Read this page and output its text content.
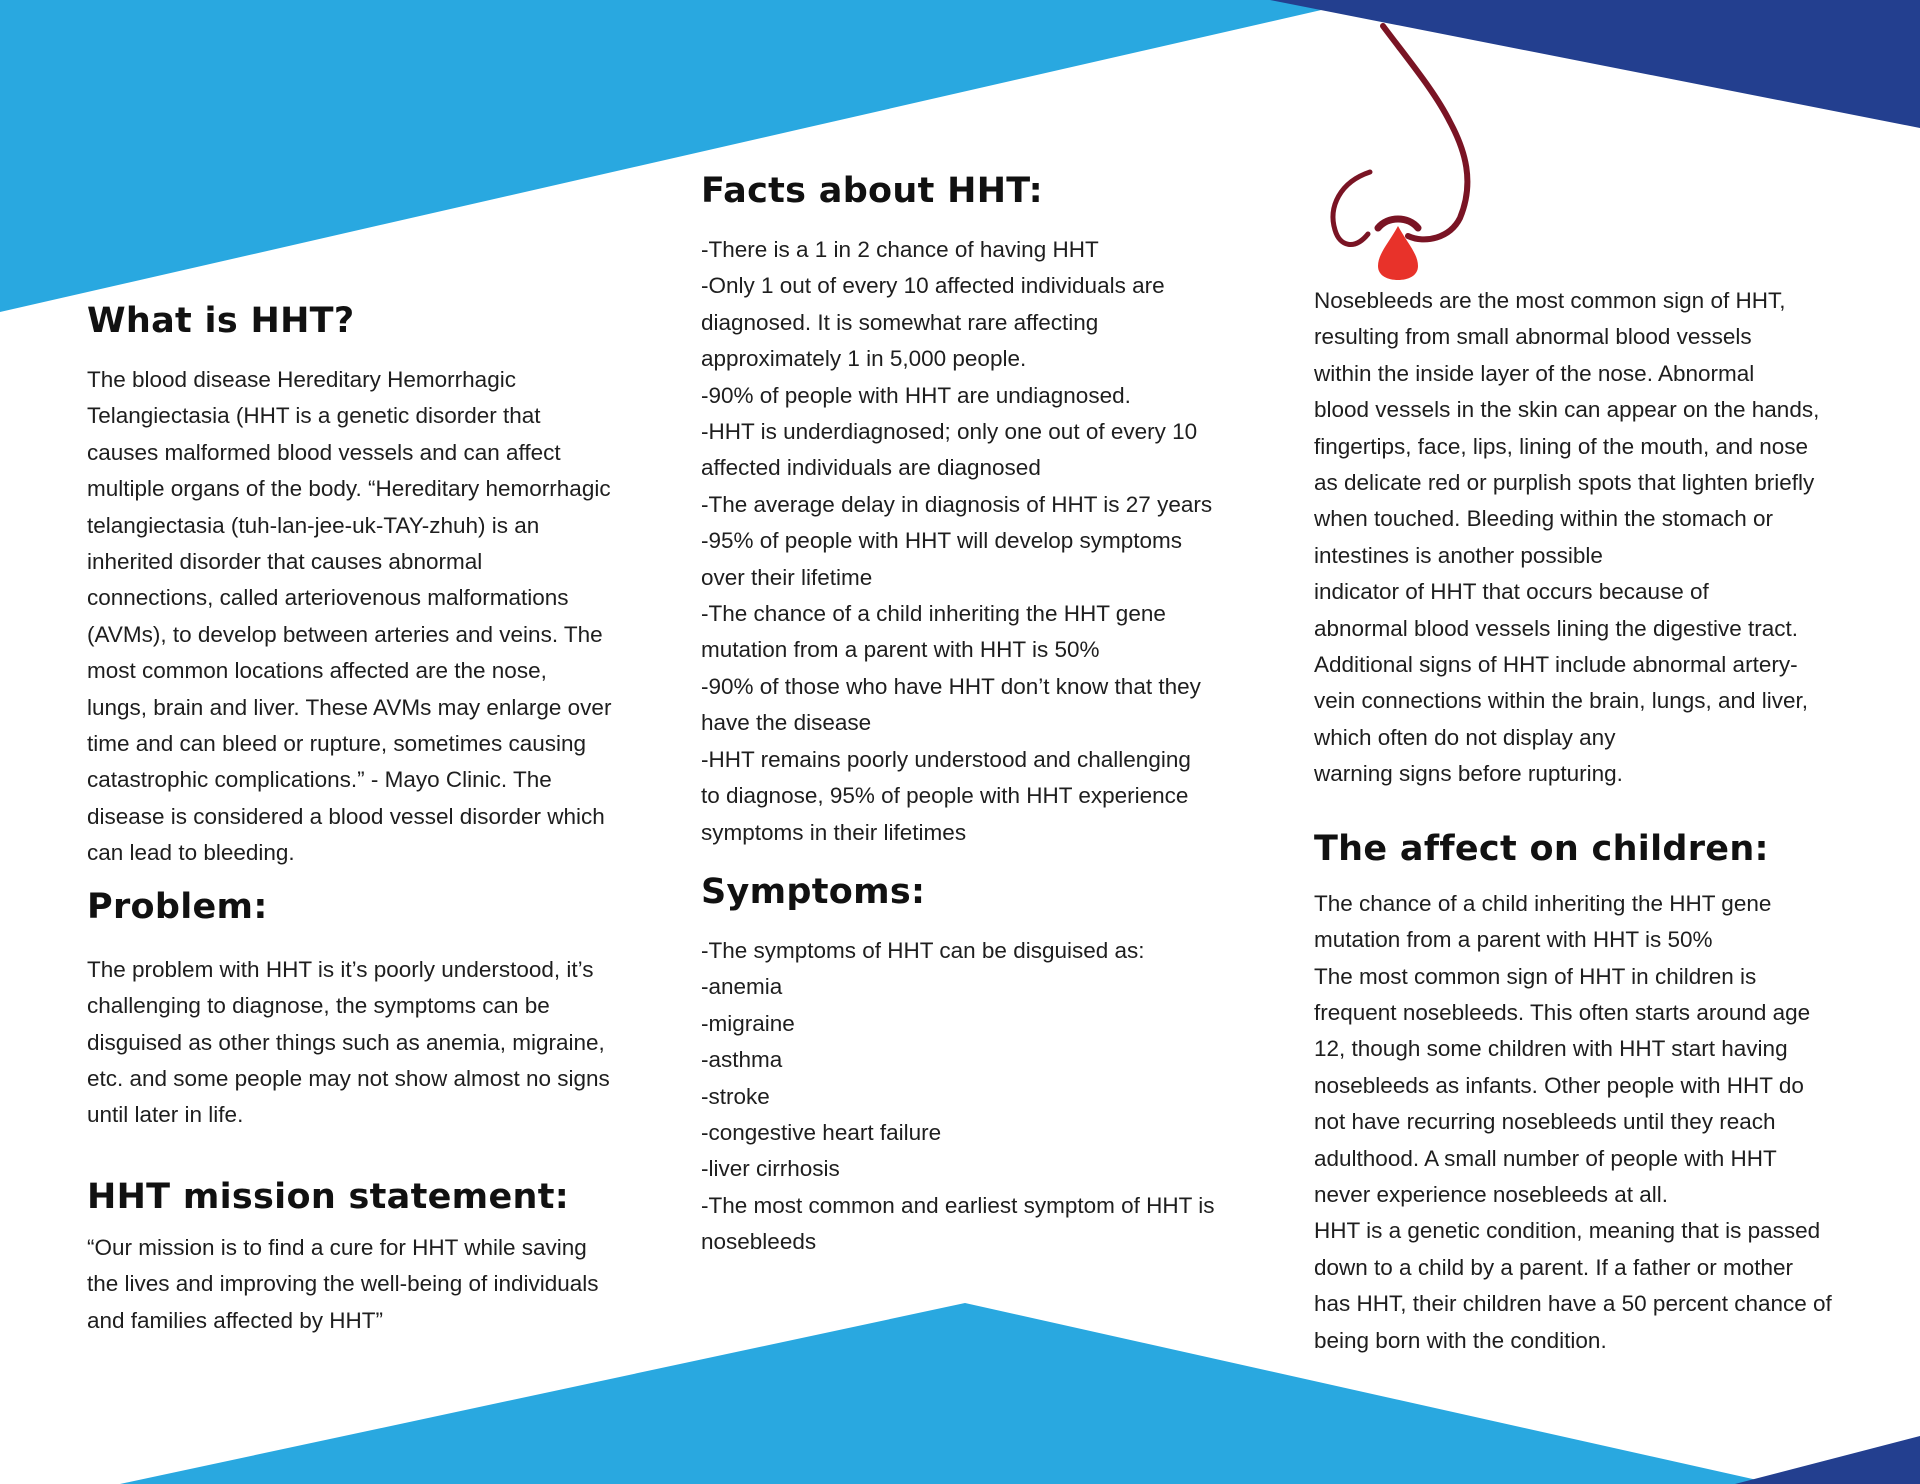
What is HHT?

The blood disease Hereditary Hemorrhagic Telangiectasia (HHT is a genetic disorder that causes malformed blood vessels and can affect multiple organs of the body. “Hereditary hemorrhagic telangiectasia (tuh-lan-jee-uk-TAY-zhuh) is an inherited disorder that causes abnormal connections, called arteriovenous malformations (AVMs), to develop between arteries and veins. The most common locations affected are the nose, lungs, brain and liver. These AVMs may enlarge over time and can bleed or rupture, sometimes causing catastrophic complications.” - Mayo Clinic. The disease is considered a blood vessel disorder which can lead to bleeding.

Problem:

The problem with HHT is it’s poorly understood, it’s challenging to diagnose, the symptoms can be disguised as other things such as anemia, migraine, etc. and some people may not show almost no signs until later in life.

HHT mission statement:

“Our mission is to find a cure for HHT while saving the lives and improving the well-being of individuals and families affected by HHT”

Facts about HHT:
-There is a 1 in 2 chance of having HHT
-Only 1 out of every 10 affected individuals are
diagnosed. It is somewhat rare affecting
approximately 1 in 5,000 people.
-90% of people with HHT are undiagnosed.
-HHT is underdiagnosed; only one out of every 10
affected individuals are diagnosed
-The average delay in diagnosis of HHT is 27 years
-95% of people with HHT will develop symptoms
over their lifetime
-The chance of a child inheriting the HHT gene
mutation from a parent with HHT is 50%
-90% of those who have HHT don’t know that they
have the disease
-HHT remains poorly understood and challenging
to diagnose, 95% of people with HHT experience
symptoms in their lifetimes
Symptoms:
-The symptoms of HHT can be disguised as:
-anemia
-migraine
-asthma
-stroke
-congestive heart failure
-liver cirrhosis
-The most common and earliest symptom of HHT is
nosebleeds
Nosebleeds are the most common sign of HHT,
resulting from small abnormal blood vessels
within the inside layer of the nose. Abnormal
blood vessels in the skin can appear on the hands,
fingertips, face, lips, lining of the mouth, and nose
as delicate red or purplish spots that lighten briefly
when touched. Bleeding within the stomach or
intestines is another possible
indicator of HHT that occurs because of
abnormal blood vessels lining the digestive tract.
Additional signs of HHT include abnormal artery-
vein connections within the brain, lungs, and liver,
which often do not display any
warning signs before rupturing.
The affect on children:
The chance of a child inheriting the HHT gene
mutation from a parent with HHT is 50%
The most common sign of HHT in children is
frequent nosebleeds. This often starts around age
12, though some children with HHT start having
nosebleeds as infants. Other people with HHT do
not have recurring nosebleeds until they reach
adulthood. A small number of people with HHT
never experience nosebleeds at all.
HHT is a genetic condition, meaning that is passed
down to a child by a parent. If a father or mother
has HHT, their children have a 50 percent chance of
being born with the condition.
